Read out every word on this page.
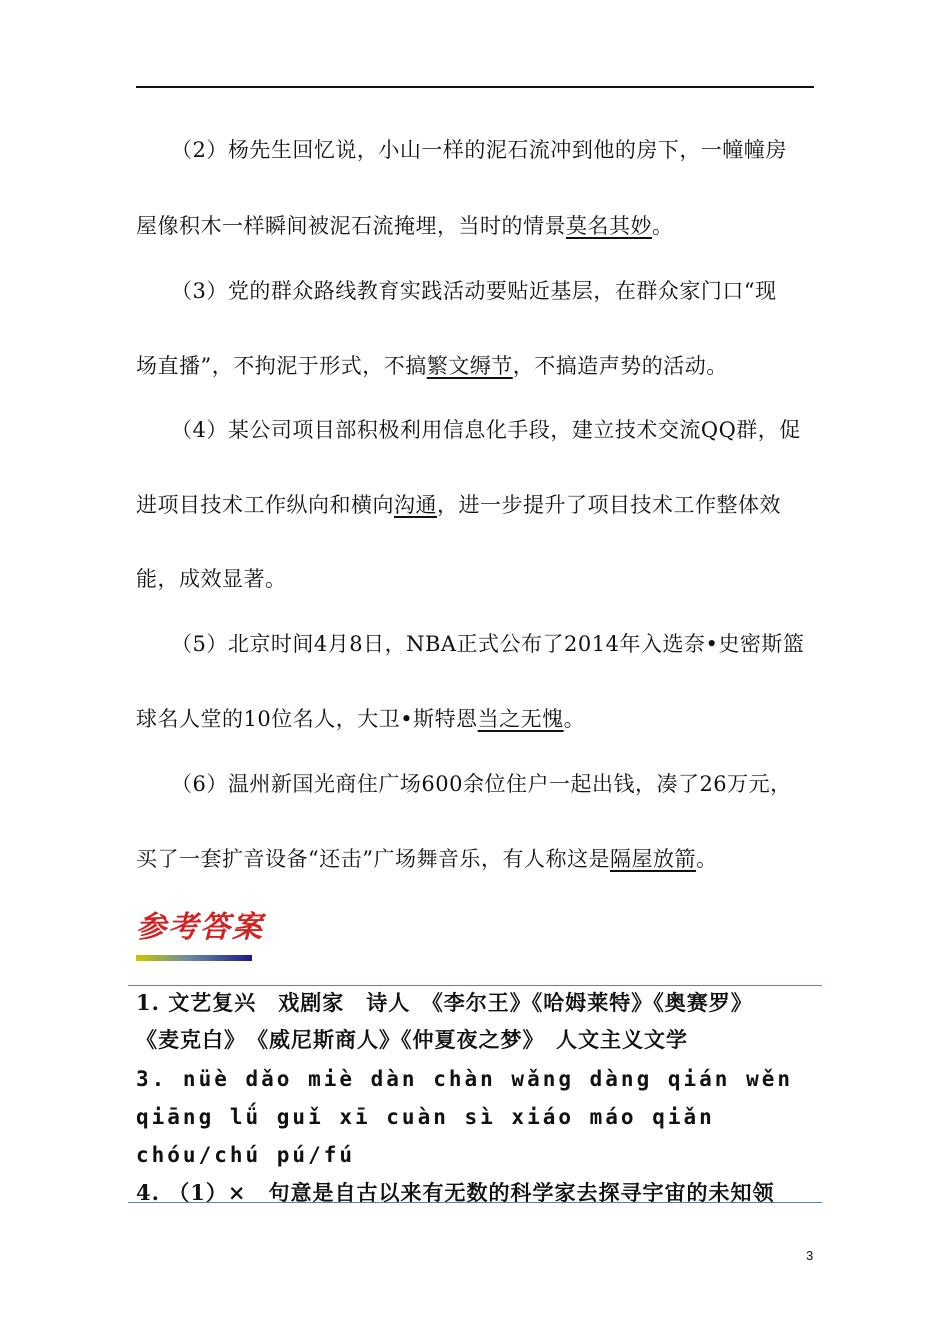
（2）杨先生回忆说，小山一样的泥石流冲到他的房下，一幢幢房
屋像积木一样瞬间被泥石流掩埋，当时的情景莫名其妙。
（3）党的群众路线教育实践活动要贴近基层，在群众家门口“现
场直播”，不拘泥于形式，不搞繁文缛节，不搞造声势的活动。
（4）某公司项目部积极利用信息化手段，建立技术交流QQ群，促
进项目技术工作纵向和横向沟通，进一步提升了项目技术工作整体效
能，成效显著。
（5）北京时间4月8日，NBA正式公布了2014年入选奈•史密斯篮
球名人堂的10位名人，大卫•斯特恩当之无愧。
（6）温州新国光商住广场600余位住户一起出钱，凑了26万元，
买了一套扩音设备“还击”广场舞音乐，有人称这是隔屋放箭。
参考答案
1. 文艺复兴　戏剧家　诗人　《李尔王》《哈姆莱特》《奥赛罗》
《麦克白》　《威尼斯商人》《仲夏夜之梦》　人文主义文学
3. nüè dǎo miè dàn chàn wǎng dàng qián wěn
qiāng lǘ guǐ xī cuàn sì xiáo máo qiǎn
chóu/chú pú/fú
4. （1）×　句意是自古以来有无数的科学家去探寻宇宙的未知领
3
